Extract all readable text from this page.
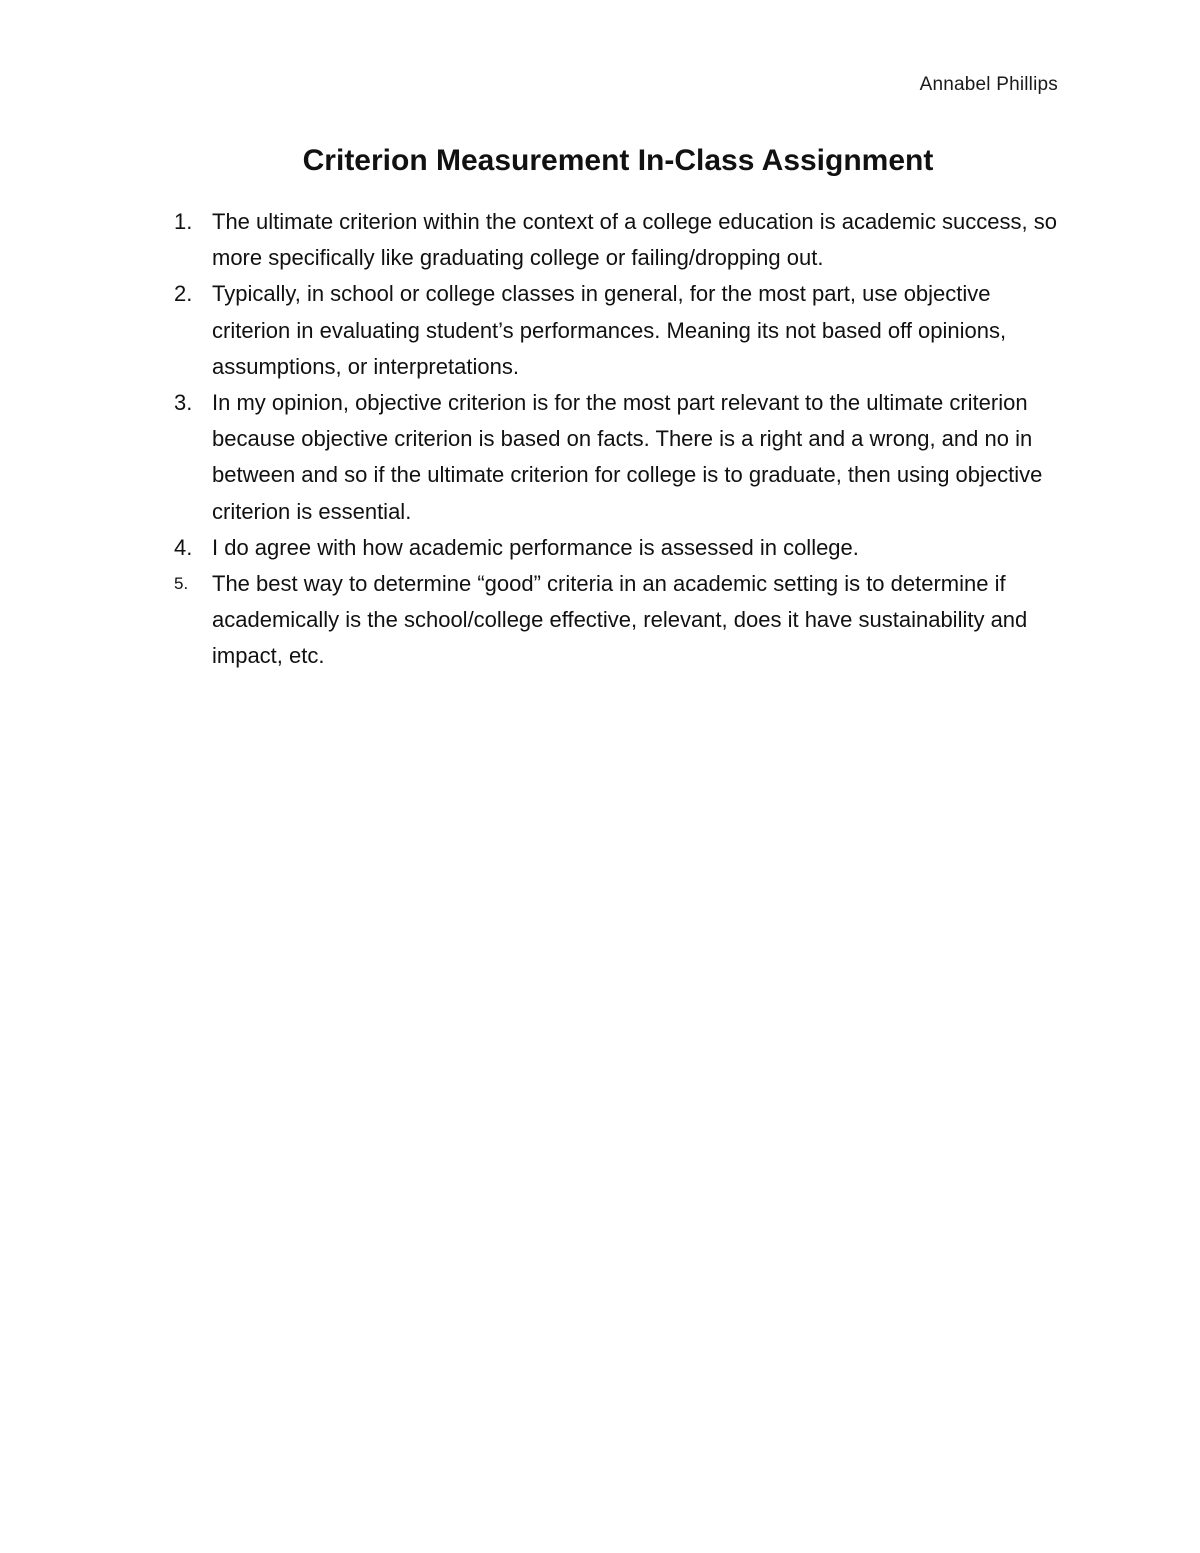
Annabel Phillips
Criterion Measurement In-Class Assignment
1. The ultimate criterion within the context of a college education is academic success, so more specifically like graduating college or failing/dropping out.
2. Typically, in school or college classes in general, for the most part, use objective criterion in evaluating student’s performances. Meaning its not based off opinions, assumptions, or interpretations.
3. In my opinion, objective criterion is for the most part relevant to the ultimate criterion because objective criterion is based on facts. There is a right and a wrong, and no in between and so if the ultimate criterion for college is to graduate, then using objective criterion is essential.
4. I do agree with how academic performance is assessed in college.
5.	The best way to determine “good” criteria in an academic setting is to determine if academically is the school/college effective, relevant, does it have sustainability and impact, etc.
